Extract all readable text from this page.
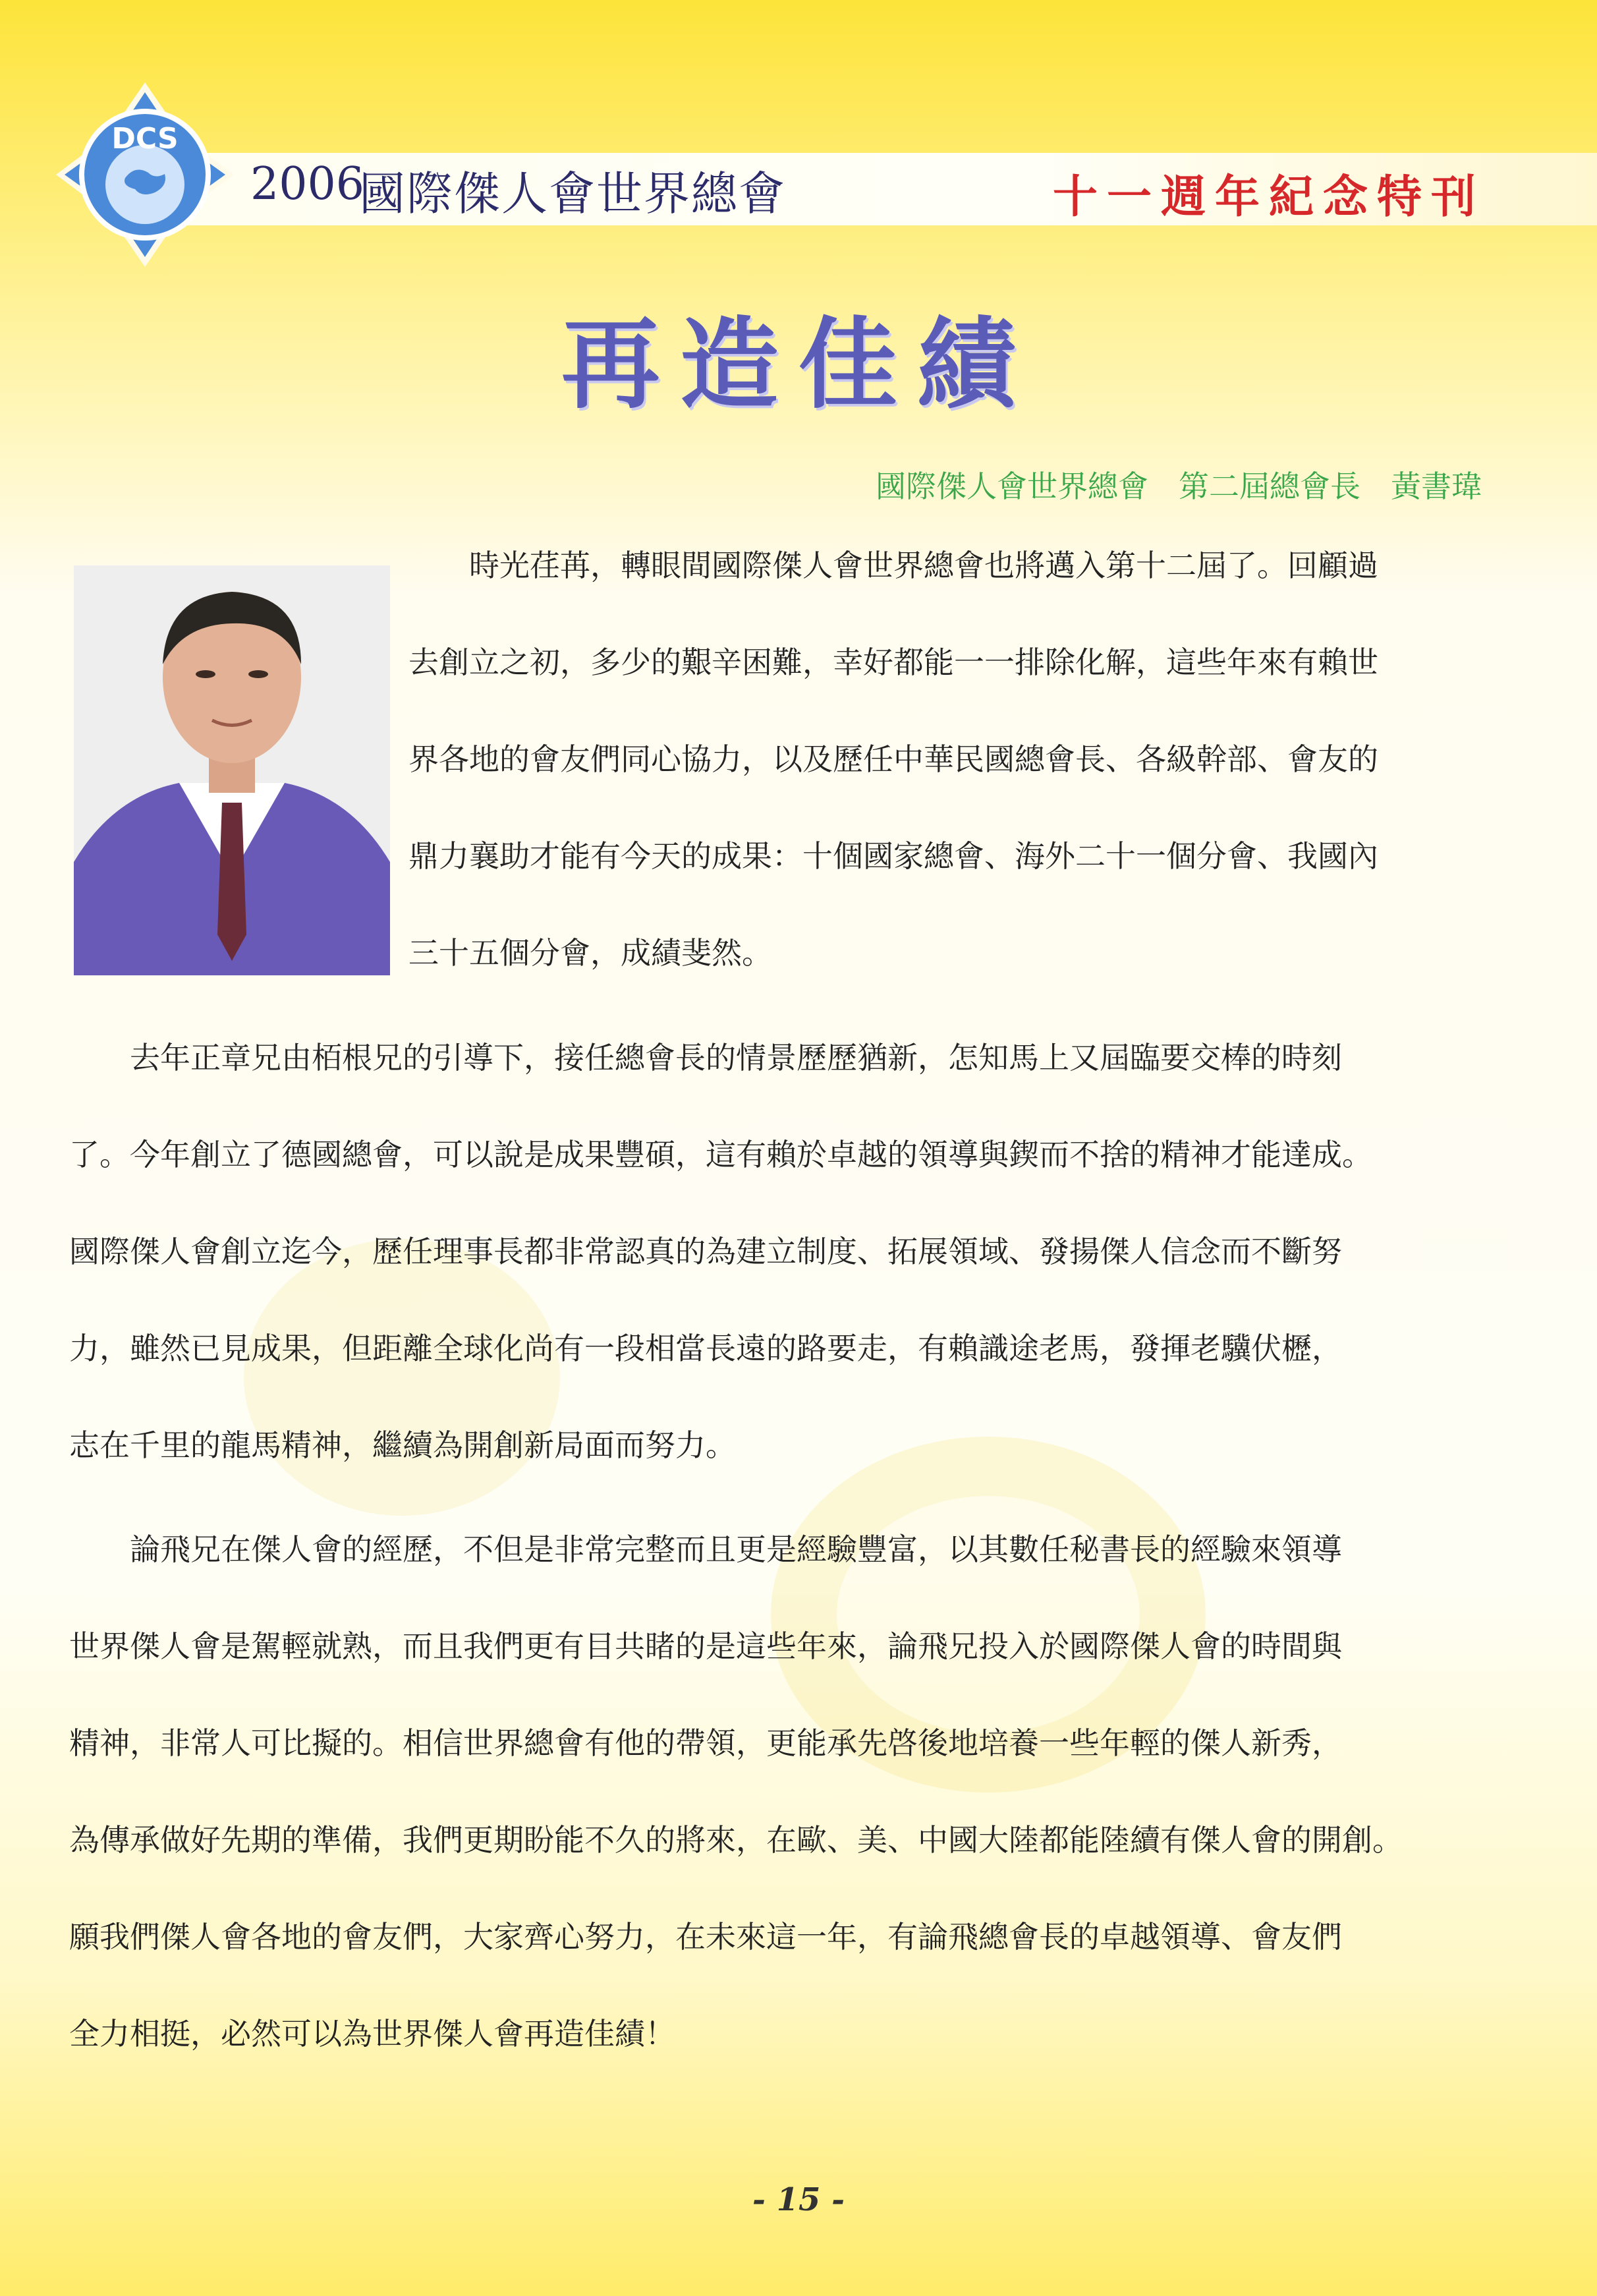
DCS
2006
國際傑人會世界總會	十一週年紀念特刊
再造佳績
國際傑人會世界總會　第二屆總會長　黃書瑋

　　時光荏苒，轉眼間國際傑人會世界總會也將邁入第十二屆了。回顧過

去創立之初，多少的艱辛困難，幸好都能一一排除化解，這些年來有賴世

界各地的會友們同心協力，以及歷任中華民國總會長、各級幹部、會友的

鼎力襄助才能有今天的成果：十個國家總會、海外二十一個分會、我國內

三十五個分會，成績斐然。

　　去年正章兄由栢根兄的引導下，接任總會長的情景歷歷猶新，怎知馬上又屆臨要交棒的時刻

了。今年創立了德國總會，可以說是成果豐碩，這有賴於卓越的領導與鍥而不捨的精神才能達成。

國際傑人會創立迄今，歷任理事長都非常認真的為建立制度、拓展領域、發揚傑人信念而不斷努

力，雖然已見成果，但距離全球化尚有一段相當長遠的路要走，有賴識途老馬，發揮老驥伏櫪，

志在千里的龍馬精神，繼續為開創新局面而努力。

　　論飛兄在傑人會的經歷，不但是非常完整而且更是經驗豐富，以其數任秘書長的經驗來領導

世界傑人會是駕輕就熟，而且我們更有目共睹的是這些年來，論飛兄投入於國際傑人會的時間與

精神，非常人可比擬的。相信世界總會有他的帶領，更能承先啓後地培養一些年輕的傑人新秀，

為傳承做好先期的準備，我們更期盼能不久的將來，在歐、美、中國大陸都能陸續有傑人會的開創。

願我們傑人會各地的會友們，大家齊心努力，在未來這一年，有論飛總會長的卓越領導、會友們

全力相挺，必然可以為世界傑人會再造佳績！

- 15 -
